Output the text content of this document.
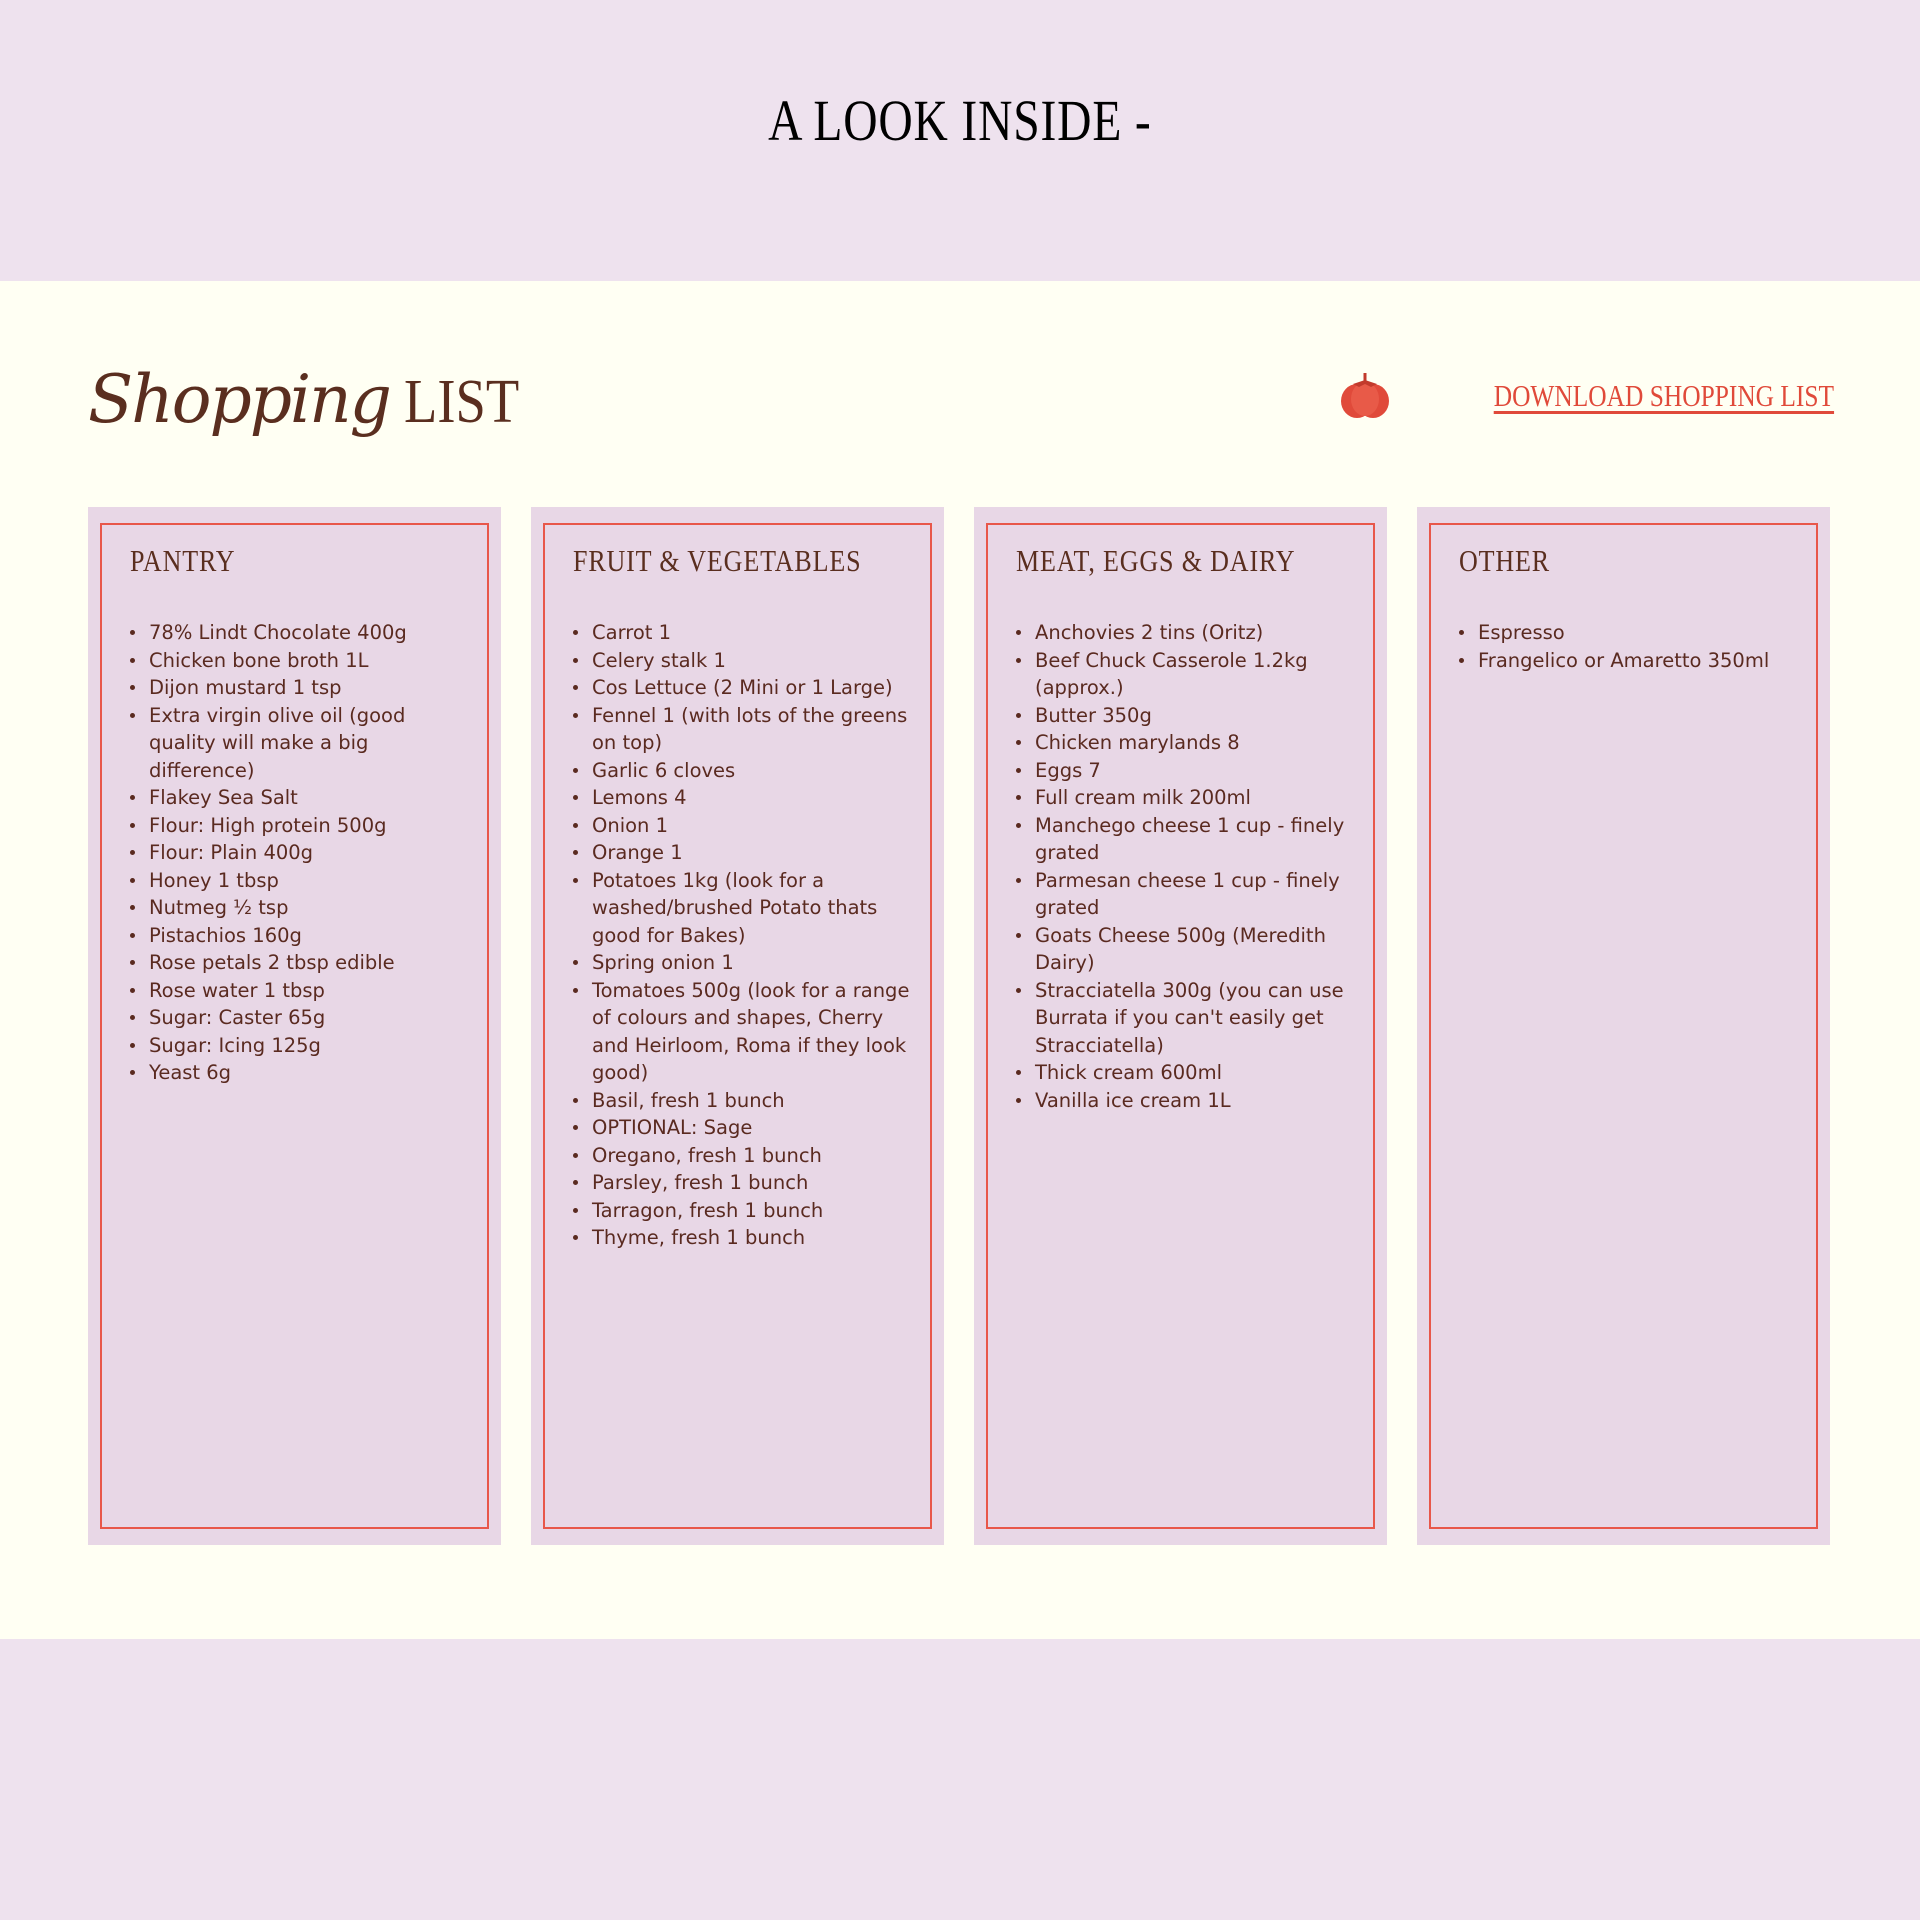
A LOOK INSIDE -
Shopping LIST	DOWNLOAD SHOPPING LIST
PANTRY
78% Lindt Chocolate 400g
Chicken bone broth 1L
Dijon mustard 1 tsp
Extra virgin olive oil (good quality will make a big difference)
Flakey Sea Salt
Flour: High protein 500g
Flour: Plain 400g
Honey 1 tbsp
Nutmeg ½ tsp
Pistachios 160g
Rose petals 2 tbsp edible
Rose water 1 tbsp
Sugar: Caster 65g
Sugar: Icing 125g
Yeast 6g
FRUIT & VEGETABLES
Carrot 1
Celery stalk 1
Cos Lettuce (2 Mini or 1 Large)
Fennel 1 (with lots of the greens on top)
Garlic 6 cloves
Lemons 4
Onion 1
Orange 1
Potatoes 1kg (look for a washed/brushed Potato thats good for Bakes)
Spring onion 1
Tomatoes 500g (look for a range of colours and shapes, Cherry and Heirloom, Roma if they look good)
Basil, fresh 1 bunch
OPTIONAL: Sage
Oregano, fresh 1 bunch
Parsley, fresh 1 bunch
Tarragon, fresh 1 bunch
Thyme, fresh 1 bunch
MEAT, EGGS & DAIRY
Anchovies 2 tins (Oritz)
Beef Chuck Casserole 1.2kg (approx.)
Butter 350g
Chicken marylands 8
Eggs 7
Full cream milk 200ml
Manchego cheese 1 cup - finely grated
Parmesan cheese 1 cup - finely grated
Goats Cheese 500g (Meredith Dairy)
Stracciatella 300g (you can use Burrata if you can't easily get Stracciatella)
Thick cream 600ml
Vanilla ice cream 1L
OTHER
Espresso
Frangelico or Amaretto 350ml
